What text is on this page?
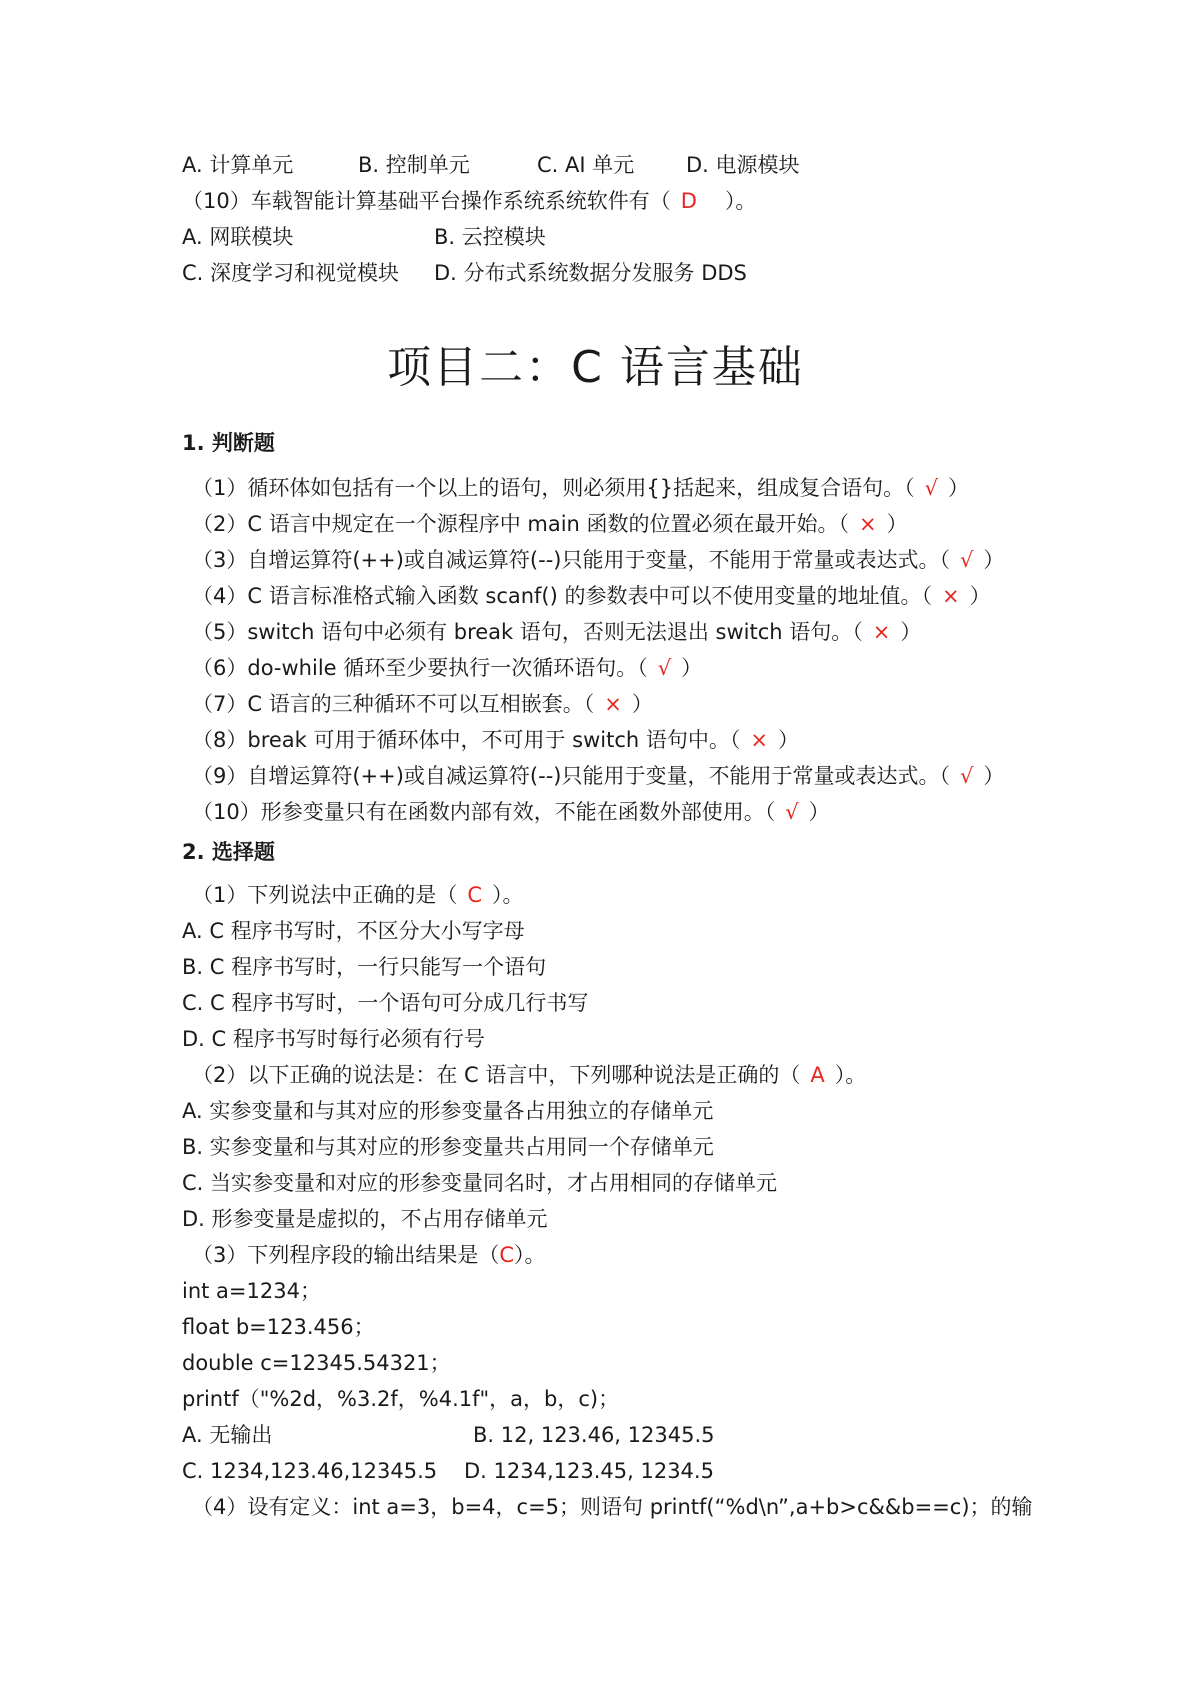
A. 计算单元	B. 控制单元	C. AI 单元 D. 电源模块
（10）车载智能计算基础平台操作系统系统软件有（ D ）。
A. 网联模块	B. 云控模块
C. 深度学习和视觉模块 D. 分布式系统数据分发服务 DDS
项目二：C 语言基础
1. 判断题
（1）循环体如包括有一个以上的语句，则必须用{}括起来，组成复合语句。（ √ ）
（2）C 语言中规定在一个源程序中 main 函数的位置必须在最开始。（ × ）
（3）自增运算符(++)或自减运算符(--)只能用于变量，不能用于常量或表达式。（ √ ）
（4）C 语言标准格式输入函数 scanf() 的参数表中可以不使用变量的地址值。（ × ）
（5）switch 语句中必须有 break 语句，否则无法退出 switch 语句。（ × ）
（6）do-while 循环至少要执行一次循环语句。（ √ ）
（7）C 语言的三种循环不可以互相嵌套。（ × ）
（8）break 可用于循环体中，不可用于 switch 语句中。（ × ）
（9）自增运算符(++)或自减运算符(--)只能用于变量，不能用于常量或表达式。（ √ ）
（10）形参变量只有在函数内部有效，不能在函数外部使用。（ √ ）
2. 选择题
（1）下列说法中正确的是（ C ）。
A. C 程序书写时，不区分大小写字母
B. C 程序书写时，一行只能写一个语句
C. C 程序书写时，一个语句可分成几行书写
D. C 程序书写时每行必须有行号
（2）以下正确的说法是：在 C 语言中，下列哪种说法是正确的（ A ）。
A. 实参变量和与其对应的形参变量各占用独立的存储单元
B. 实参变量和与其对应的形参变量共占用同一个存储单元
C. 当实参变量和对应的形参变量同名时，才占用相同的存储单元
D. 形参变量是虚拟的，不占用存储单元
（3）下列程序段的输出结果是（C）。
int a=1234；
float b=123.456；
double c=12345.54321；
printf（"%2d，%3.2f，%4.1f"，a，b，c)；
A. 无输出	B. 12, 123.46, 12345.5
C. 1234,123.46,12345.5 D. 1234,123.45, 1234.5
（4）设有定义：int a=3，b=4，c=5；则语句 printf(“%d\n”,a+b>c&&b==c)；的输
